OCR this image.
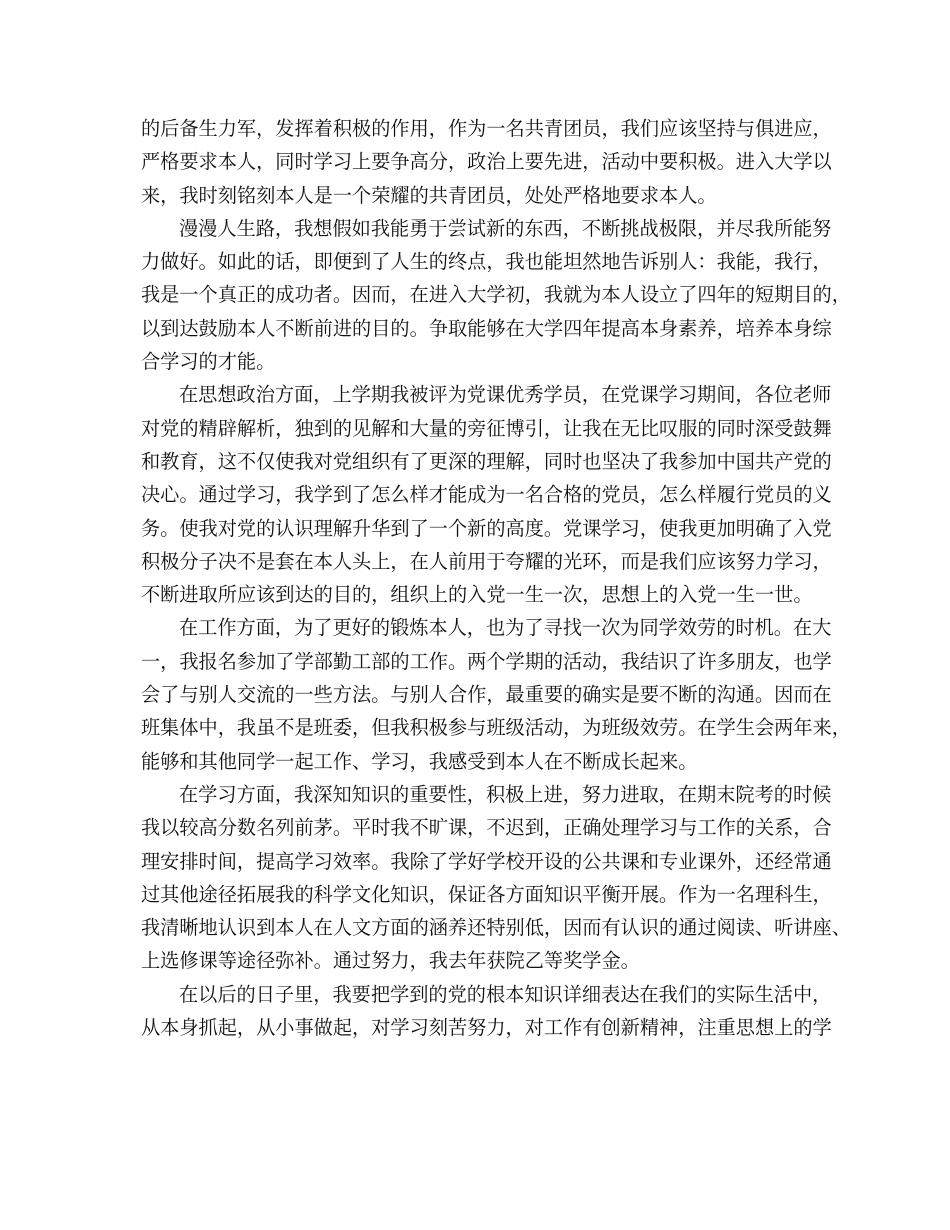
的后备生力军，发挥着积极的作用，作为一名共青团员，我们应该坚持与俱进应，
严格要求本人，同时学习上要争高分，政治上要先进，活动中要积极。进入大学以
来，我时刻铭刻本人是一个荣耀的共青团员，处处严格地要求本人。
漫漫人生路，我想假如我能勇于尝试新的东西，不断挑战极限，并尽我所能努
力做好。如此的话，即便到了人生的终点，我也能坦然地告诉别人：我能，我行，
我是一个真正的成功者。因而，在进入大学初，我就为本人设立了四年的短期目的，
以到达鼓励本人不断前进的目的。争取能够在大学四年提高本身素养，培养本身综
合学习的才能。
在思想政治方面，上学期我被评为党课优秀学员，在党课学习期间，各位老师
对党的精辟解析，独到的见解和大量的旁征博引，让我在无比叹服的同时深受鼓舞
和教育，这不仅使我对党组织有了更深的理解，同时也坚决了我参加中国共产党的
决心。通过学习，我学到了怎么样才能成为一名合格的党员，怎么样履行党员的义
务。使我对党的认识理解升华到了一个新的高度。党课学习，使我更加明确了入党
积极分子决不是套在本人头上，在人前用于夸耀的光环，而是我们应该努力学习，
不断进取所应该到达的目的，组织上的入党一生一次，思想上的入党一生一世。
在工作方面，为了更好的锻炼本人，也为了寻找一次为同学效劳的时机。在大
一，我报名参加了学部勤工部的工作。两个学期的活动，我结识了许多朋友，也学
会了与别人交流的一些方法。与别人合作，最重要的确实是要不断的沟通。因而在
班集体中，我虽不是班委，但我积极参与班级活动，为班级效劳。在学生会两年来，
能够和其他同学一起工作、学习，我感受到本人在不断成长起来。
在学习方面，我深知知识的重要性，积极上进，努力进取，在期末院考的时候
我以较高分数名列前茅。平时我不旷课，不迟到，正确处理学习与工作的关系，合
理安排时间，提高学习效率。我除了学好学校开设的公共课和专业课外，还经常通
过其他途径拓展我的科学文化知识，保证各方面知识平衡开展。作为一名理科生，
我清晰地认识到本人在人文方面的涵养还特别低，因而有认识的通过阅读、听讲座、
上选修课等途径弥补。通过努力，我去年获院乙等奖学金。
在以后的日子里，我要把学到的党的根本知识详细表达在我们的实际生活中，
从本身抓起，从小事做起，对学习刻苦努力，对工作有创新精神，注重思想上的学
